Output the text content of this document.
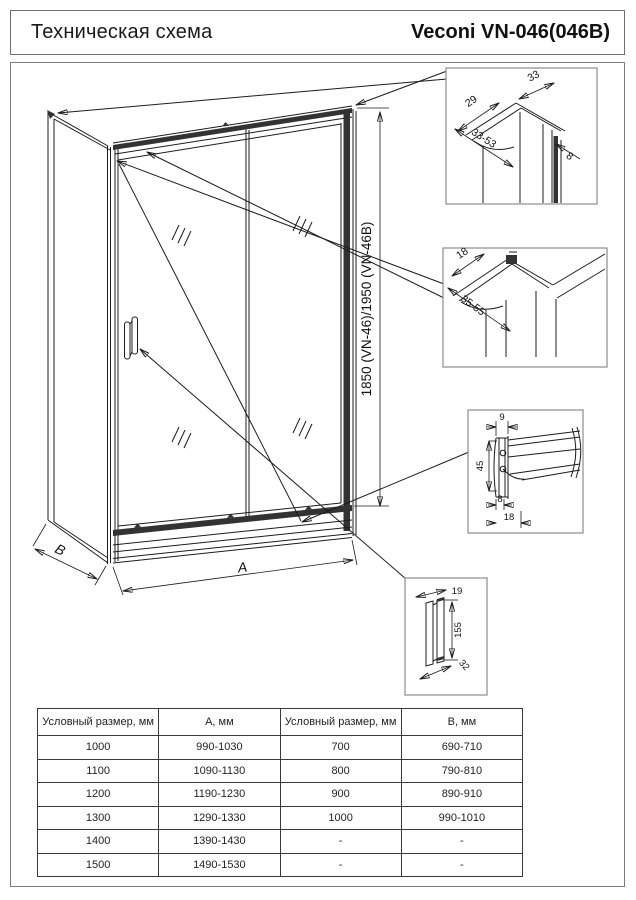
Техническая схема	Veconi VN-046(046B)
1850 (VN-46)/1950 (VN-46B)
A
B
29
33
33-53
8
18
35-55
9
45
8
18
19
155
32
Условный размер, мм	А, мм	Условный размер, мм	В, мм
1000	990-1030	700	690-710
1100	1090-1130	800	790-810
1200	1190-1230	900	890-910
1300	1290-1330	1000	990-1010
1400	1390-1430	-	-
1500	1490-1530	-	-
